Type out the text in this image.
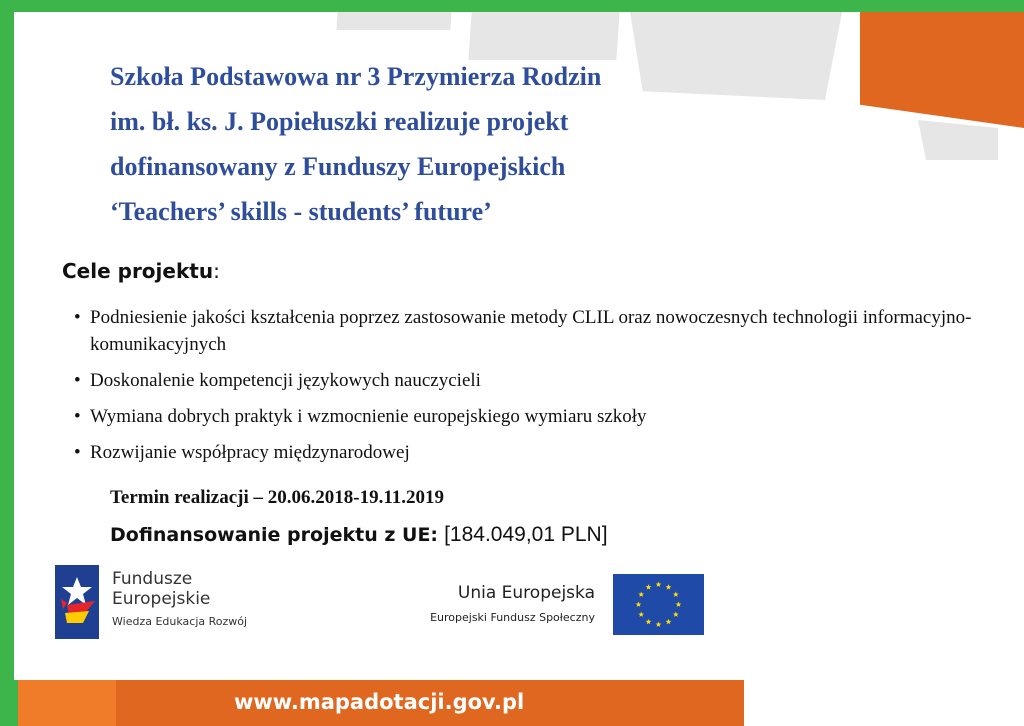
Szkoła Podstawowa nr 3 Przymierza Rodzin
im. bł. ks. J. Popiełuszki realizuje projekt
dofinansowany z Funduszy Europejskich
‘Teachers’ skills - students’ future’
Cele projektu:
• Podniesienie jakości kształcenia poprzez zastosowanie metody CLIL oraz nowoczesnych technologii informacyjno-komunikacyjnych
• Doskonalenie kompetencji językowych nauczycieli
• Wymiana dobrych praktyk i wzmocnienie europejskiego wymiaru szkoły
• Rozwijanie współpracy międzynarodowej
Termin realizacji – 20.06.2018-19.11.2019
Dofinansowanie projektu z UE: [184.049,01 PLN]
Fundusze
Europejskie
Wiedza Edukacja Rozwój
Unia Europejska
Europejski Fundusz Społeczny
www.mapadotacji.gov.pl
